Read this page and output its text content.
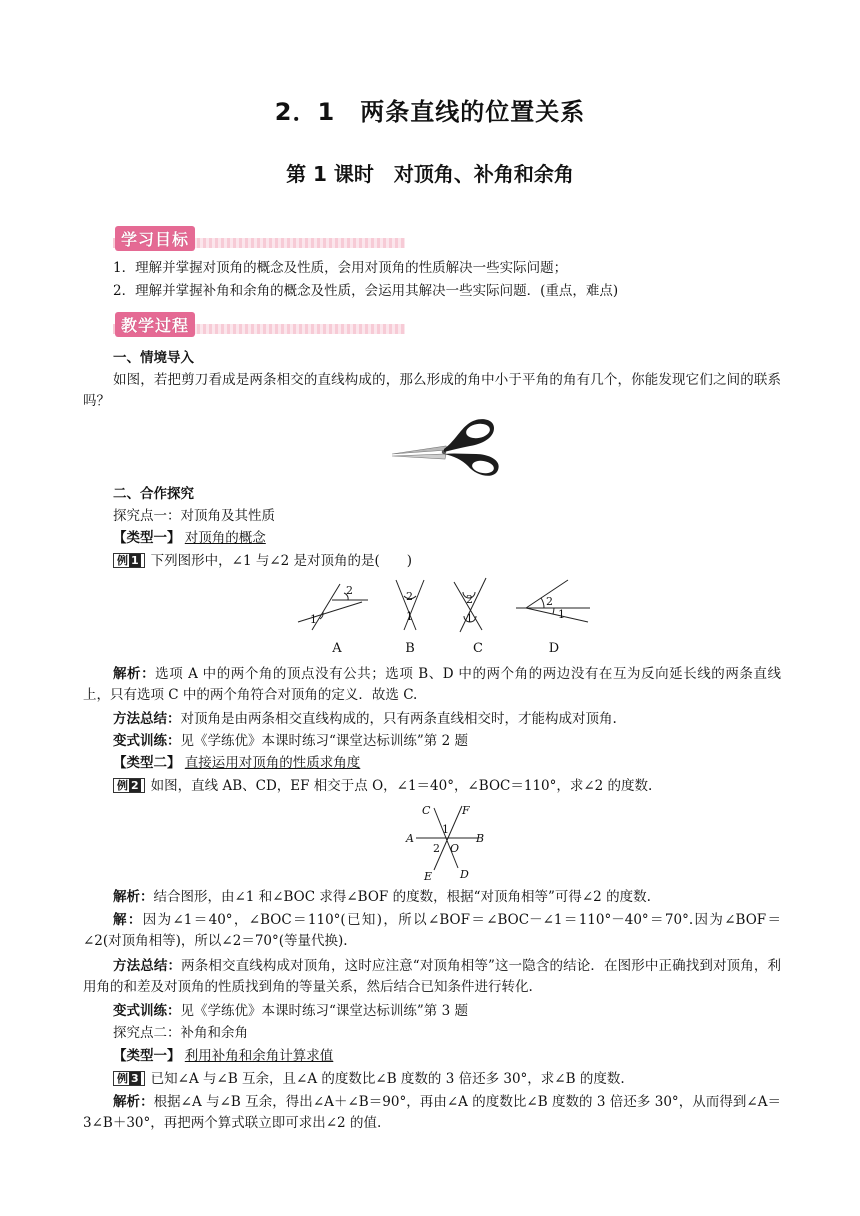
2．1　两条直线的位置关系
第 1 课时　对顶角、补角和余角
学习目标
1．理解并掌握对顶角的概念及性质，会用对顶角的性质解决一些实际问题；
2．理解并掌握补角和余角的概念及性质，会运用其解决一些实际问题．(重点，难点)
教学过程
一、情境导入
如图，若把剪刀看成是两条相交的直线构成的，那么形成的角中小于平角的角有几个，你能发现它们之间的联系吗？
二、合作探究
探究点一：对顶角及其性质
【类型一】 对顶角的概念
例 1 下列图形中，∠1 与∠2 是对顶角的是(　　)
2
1
2
1
2
1
2
1
A	B	C	D
解析：选项 A 中的两个角的顶点没有公共；选项 B、D 中的两个角的两边没有在互为反向延长线的两条直线上，只有选项 C 中的两个角符合对顶角的定义．故选 C.
方法总结：对顶角是由两条相交直线构成的，只有两条直线相交时，才能构成对顶角.
变式训练：见《学练优》本课时练习“课堂达标训练”第 2 题
【类型二】 直接运用对顶角的性质求角度
例 2 如图，直线 AB、CD，EF 相交于点 O，∠1＝40°，∠BOC＝110°，求∠2 的度数.
C	F
A	B
E	D
O
1
2
解析：结合图形，由∠1 和∠BOC 求得∠BOF 的度数，根据“对顶角相等”可得∠2 的度数.
解：因为∠1＝40°，∠BOC＝110°(已知)，所以∠BOF＝∠BOC－∠1＝110°－40°＝70°.因为∠BOF＝∠2(对顶角相等)，所以∠2＝70°(等量代换).
方法总结：两条相交直线构成对顶角，这时应注意“对顶角相等”这一隐含的结论．在图形中正确找到对顶角，利用角的和差及对顶角的性质找到角的等量关系，然后结合已知条件进行转化.
变式训练：见《学练优》本课时练习“课堂达标训练”第 3 题
探究点二：补角和余角
【类型一】 利用补角和余角计算求值
例 3 已知∠A 与∠B 互余，且∠A 的度数比∠B 度数的 3 倍还多 30°，求∠B 的度数.
解析：根据∠A 与∠B 互余，得出∠A＋∠B＝90°，再由∠A 的度数比∠B 度数的 3 倍还多 30°，从而得到∠A＝3∠B＋30°，再把两个算式联立即可求出∠2 的值.
